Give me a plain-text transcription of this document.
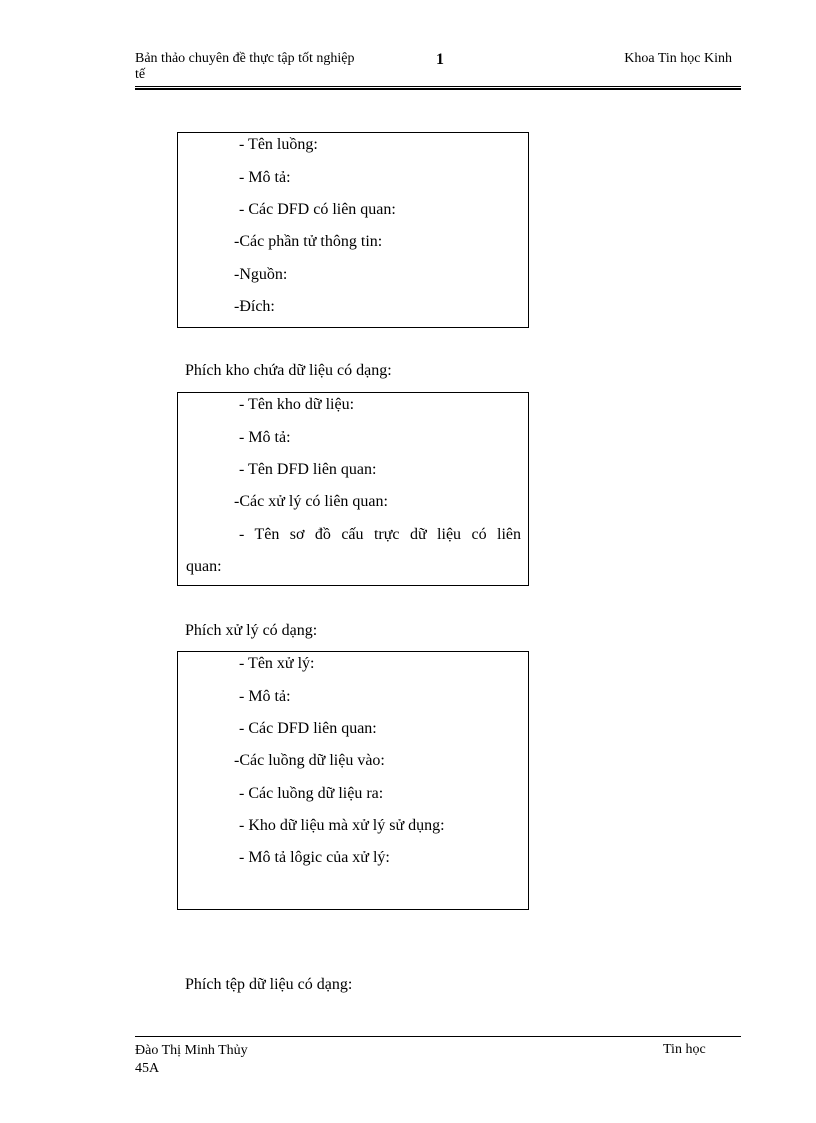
Bản thảo chuyên đề thực tập tốt nghiệp
tế
1	Khoa Tin học Kinh
- Tên luồng:
- Mô tả:
- Các DFD có liên quan:
-Các phần tử thông tin:
-Nguồn:
-Đích:
Phích kho chứa dữ liệu có dạng:
- Tên kho dữ liệu:
- Mô tả:
- Tên DFD liên quan:
-Các xử lý có liên quan:
- Tên sơ đồ cấu trực dữ liệu có liên
quan:
Phích xử lý có dạng:
- Tên xử lý:
- Mô tả:
- Các DFD liên quan:
-Các luồng dữ liệu vào:
- Các luồng dữ liệu ra:
- Kho dữ liệu mà xử lý sử dụng:
- Mô tả lôgic của xử lý:
Phích tệp dữ liệu có dạng:
Đào Thị Minh Thủy
45A
Tin học
